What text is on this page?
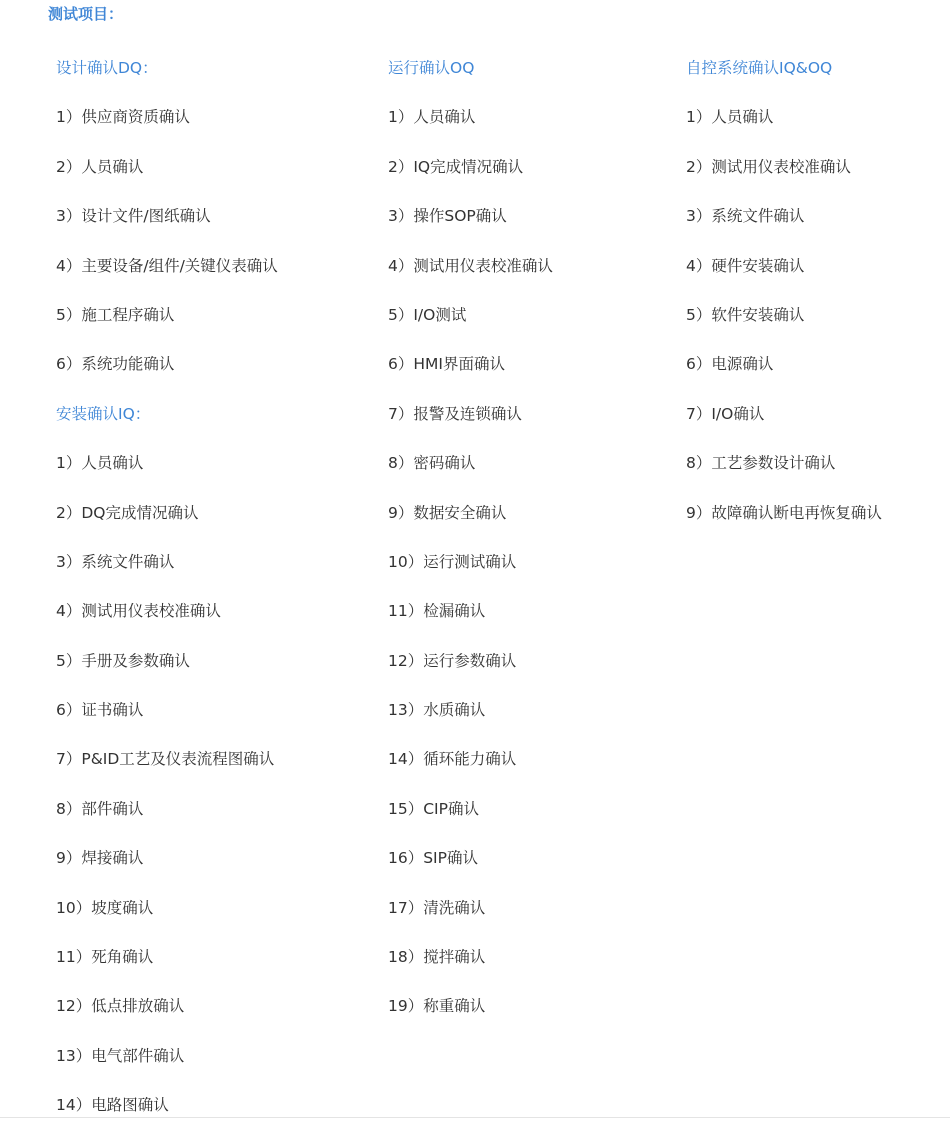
测试项目：
设计确认DQ：
1）供应商资质确认
2）人员确认
3）设计文件/图纸确认
4）主要设备/组件/关键仪表确认
5）施工程序确认
6）系统功能确认
安装确认IQ：
1）人员确认
2）DQ完成情况确认
3）系统文件确认
4）测试用仪表校准确认
5）手册及参数确认
6）证书确认
7）P&ID工艺及仪表流程图确认
8）部件确认
9）焊接确认
10）坡度确认
11）死角确认
12）低点排放确认
13）电气部件确认
14）电路图确认
运行确认OQ
1）人员确认
2）IQ完成情况确认
3）操作SOP确认
4）测试用仪表校准确认
5）I/O测试
6）HMI界面确认
7）报警及连锁确认
8）密码确认
9）数据安全确认
10）运行测试确认
11）检漏确认
12）运行参数确认
13）水质确认
14）循环能力确认
15）CIP确认
16）SIP确认
17）清洗确认
18）搅拌确认
19）称重确认
自控系统确认IQ&OQ
1）人员确认
2）测试用仪表校准确认
3）系统文件确认
4）硬件安装确认
5）软件安装确认
6）电源确认
7）I/O确认
8）工艺参数设计确认
9）故障确认断电再恢复确认
